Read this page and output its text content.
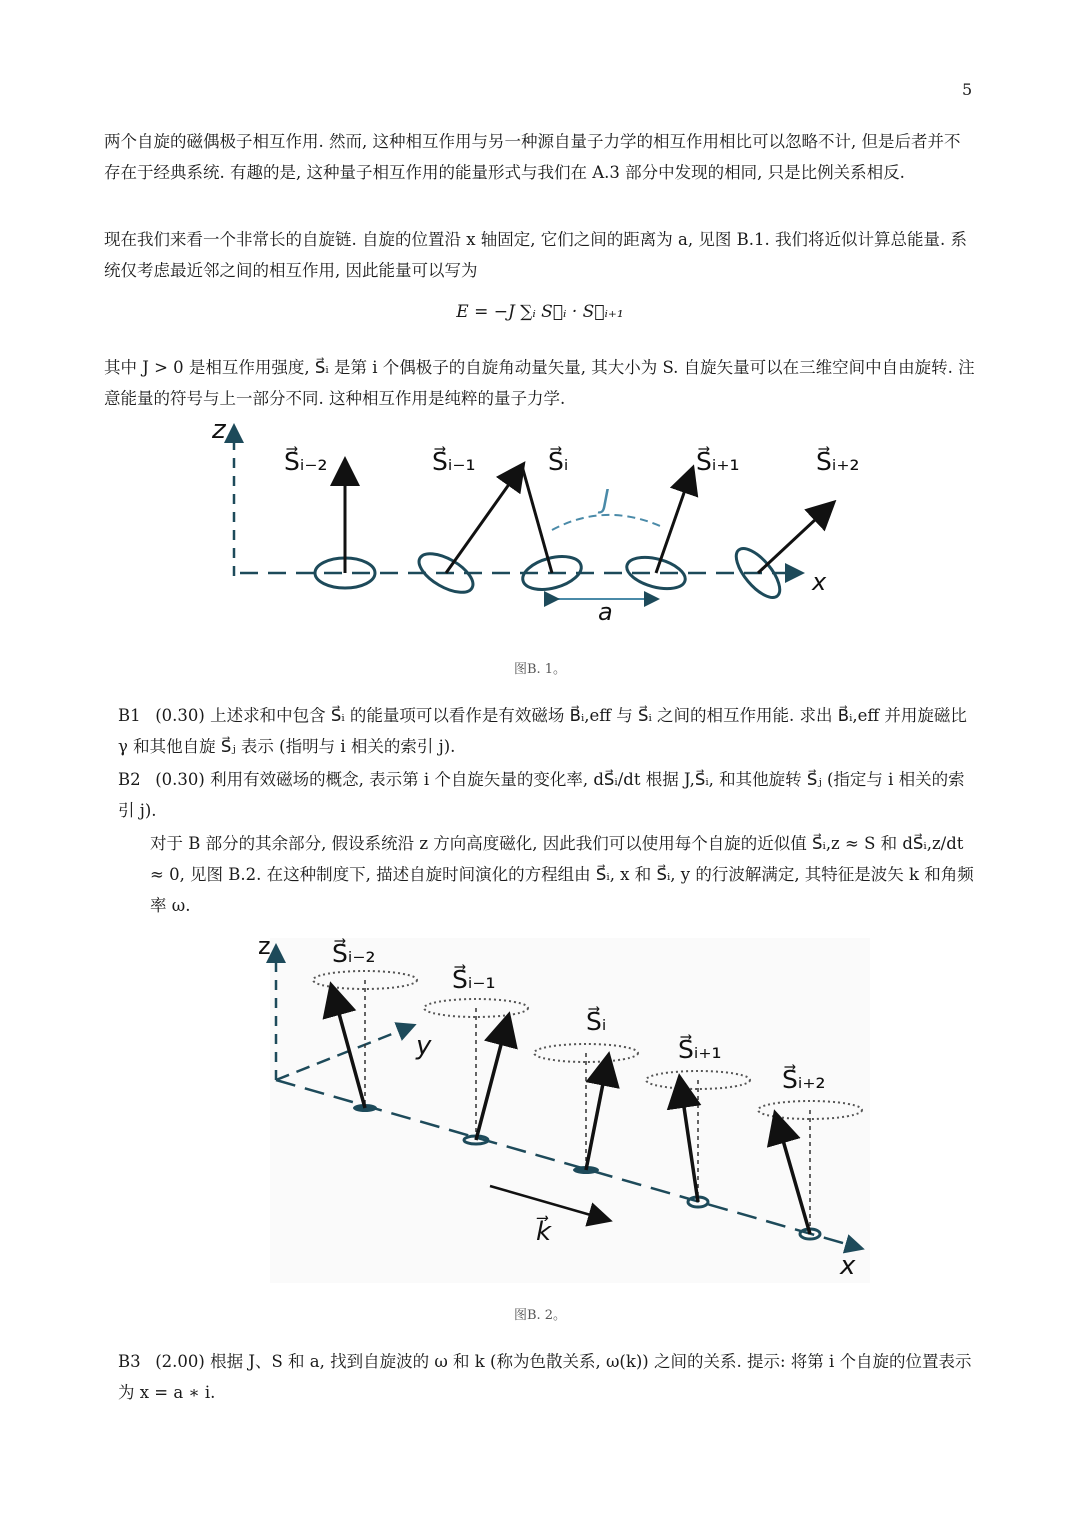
5
两个自旋的磁偶极子相互作用. 然而, 这种相互作用与另一种源自量子力学的相互作用相比可以忽略不计, 但是后者并不存在于经典系统. 有趣的是, 这种量子相互作用的能量形式与我们在 A.3 部分中发现的相同, 只是比例关系相反.
现在我们来看一个非常长的自旋链. 自旋的位置沿 x 轴固定, 它们之间的距离为 a, 见图 B.1. 我们将近似计算总能量. 系统仅考虑最近邻之间的相互作用, 因此能量可以写为
E = −J ∑ᵢ S⃗ᵢ · S⃗ᵢ₊₁
其中 J > 0 是相互作用强度, S⃗ᵢ 是第 i 个偶极子的自旋角动量矢量, 其大小为 S. 自旋矢量可以在三维空间中自由旋转. 注意能量的符号与上一部分不同. 这种相互作用是纯粹的量子力学.
z
x
J
a
S⃗ᵢ₋₂	S⃗ᵢ₋₁	S⃗ᵢ	S⃗ᵢ₊₁	S⃗ᵢ₊₂
图B. 1。
B1 (0.30) 上述求和中包含 S⃗ᵢ 的能量项可以看作是有效磁场 B⃗ᵢ,eff 与 S⃗ᵢ 之间的相互作用能. 求出 B⃗ᵢ,eff 并用旋磁比 γ 和其他自旋 S⃗ⱼ 表示 (指明与 i 相关的索引 j).
B2 (0.30) 利用有效磁场的概念, 表示第 i 个自旋矢量的变化率, dS⃗ᵢ/dt 根据 J,S⃗ᵢ, 和其他旋转 S⃗ⱼ (指定与 i 相关的索引 j).
对于 B 部分的其余部分, 假设系统沿 z 方向高度磁化, 因此我们可以使用每个自旋的近似值 S⃗ᵢ,z ≈ S 和 dS⃗ᵢ,z/dt ≈ 0, 见图 B.2. 在这种制度下, 描述自旋时间演化的方程组由 S⃗ᵢ, x 和 S⃗ᵢ, y 的行波解满定, 其特征是波矢 k 和角频率 ω.
z
y
x
k⃗
S⃗ᵢ₋₂
S⃗ᵢ₋₁
S⃗ᵢ
S⃗ᵢ₊₁
S⃗ᵢ₊₂
图B. 2。
B3 (2.00) 根据 J、S 和 a, 找到自旋波的 ω 和 k (称为色散关系, ω(k)) 之间的关系. 提示: 将第 i 个自旋的位置表示为 x = a ∗ i.
